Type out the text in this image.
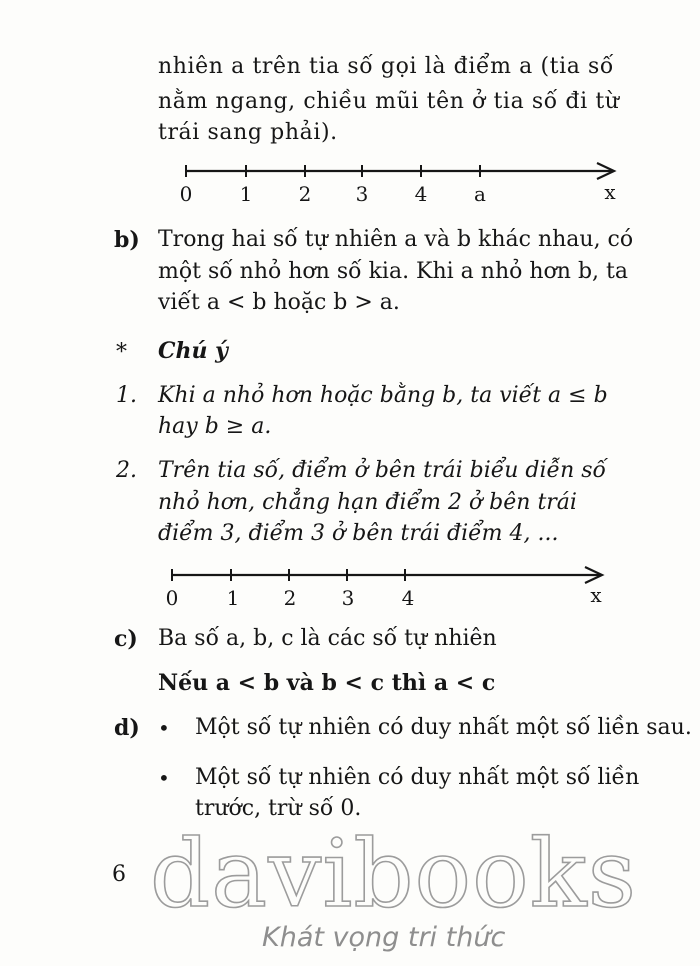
nhiên a trên tia số gọi là điểm a (tia số
nằm ngang, chiều mũi tên ở tia số đi từ
trái sang phải).
0 1 2 3 4 a	x
0 1 2 3 4	x
b) Trong hai số tự nhiên a và b khác nhau, có
một số nhỏ hơn số kia. Khi a nhỏ hơn b, ta
viết a < b hoặc b > a.
* Chú ý
1. Khi a nhỏ hơn hoặc bằng b, ta viết a ≤ b
hay b ≥ a.
2. Trên tia số, điểm ở bên trái biểu diễn số
nhỏ hơn, chẳng hạn điểm 2 ở bên trái
điểm 3, điểm 3 ở bên trái điểm 4, ...
c) Ba số a, b, c là các số tự nhiên
Nếu a < b và b < c thì a < c
d) • Một số tự nhiên có duy nhất một số liền sau.
• Một số tự nhiên có duy nhất một số liền
trước, trừ số 0.
6 davibooks
Khát vọng tri thức
